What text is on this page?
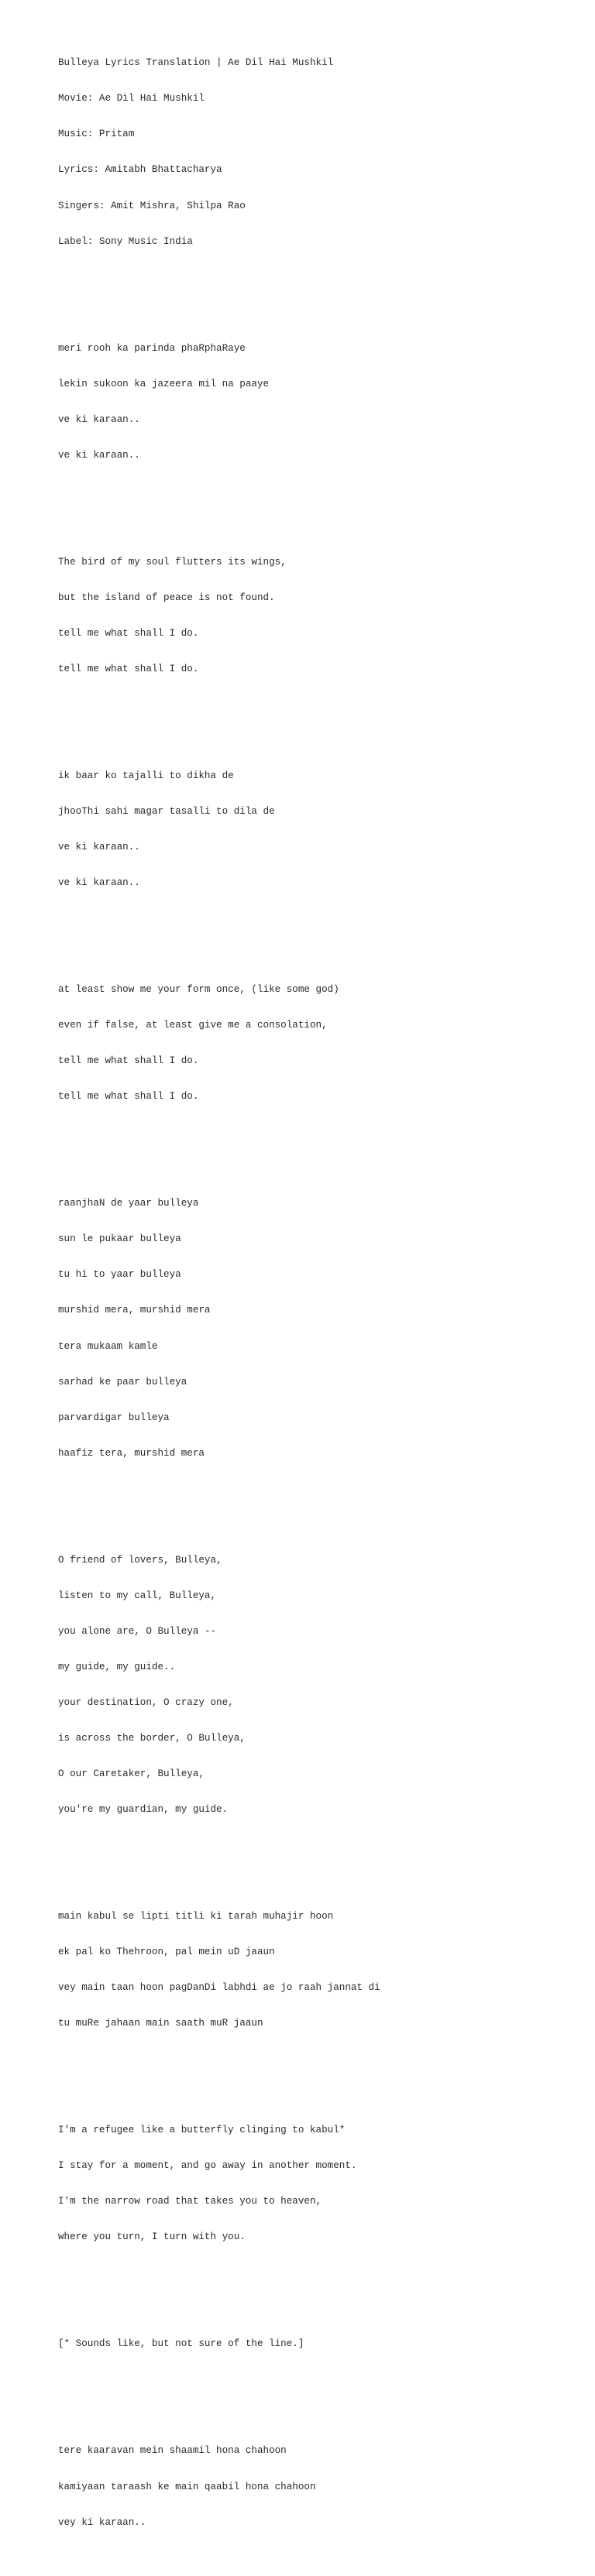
Bulleya Lyrics Translation | Ae Dil Hai Mushkil

Movie: Ae Dil Hai Mushkil

Music: Pritam

Lyrics: Amitabh Bhattacharya

Singers: Amit Mishra, Shilpa Rao

Label: Sony Music India

meri rooh ka parinda phaRphaRaye

lekin sukoon ka jazeera mil na paaye

ve ki karaan..

ve ki karaan..

The bird of my soul flutters its wings,

but the island of peace is not found.

tell me what shall I do.

tell me what shall I do.

ik baar ko tajalli to dikha de

jhooThi sahi magar tasalli to dila de

ve ki karaan..

ve ki karaan..

at least show me your form once, (like some god)

even if false, at least give me a consolation,

tell me what shall I do.

tell me what shall I do.

raanjhaN de yaar bulleya

sun le pukaar bulleya

tu hi to yaar bulleya

murshid mera, murshid mera

tera mukaam kamle

sarhad ke paar bulleya

parvardigar bulleya

haafiz tera, murshid mera

O friend of lovers, Bulleya,

listen to my call, Bulleya,

you alone are, O Bulleya --

my guide, my guide..

your destination, O crazy one,

is across the border, O Bulleya,

O our Caretaker, Bulleya,

you're my guardian, my guide.

main kabul se lipti titli ki tarah muhajir hoon

ek pal ko Thehroon, pal mein uD jaaun

vey main taan hoon pagDanDi labhdi ae jo raah jannat di

tu muRe jahaan main saath muR jaaun

I'm a refugee like a butterfly clinging to kabul*

I stay for a moment, and go away in another moment.

I'm the narrow road that takes you to heaven,

where you turn, I turn with you.

[* Sounds like, but not sure of the line.]

tere kaaravan mein shaamil hona chahoon

kamiyaan taraash ke main qaabil hona chahoon

vey ki karaan..
